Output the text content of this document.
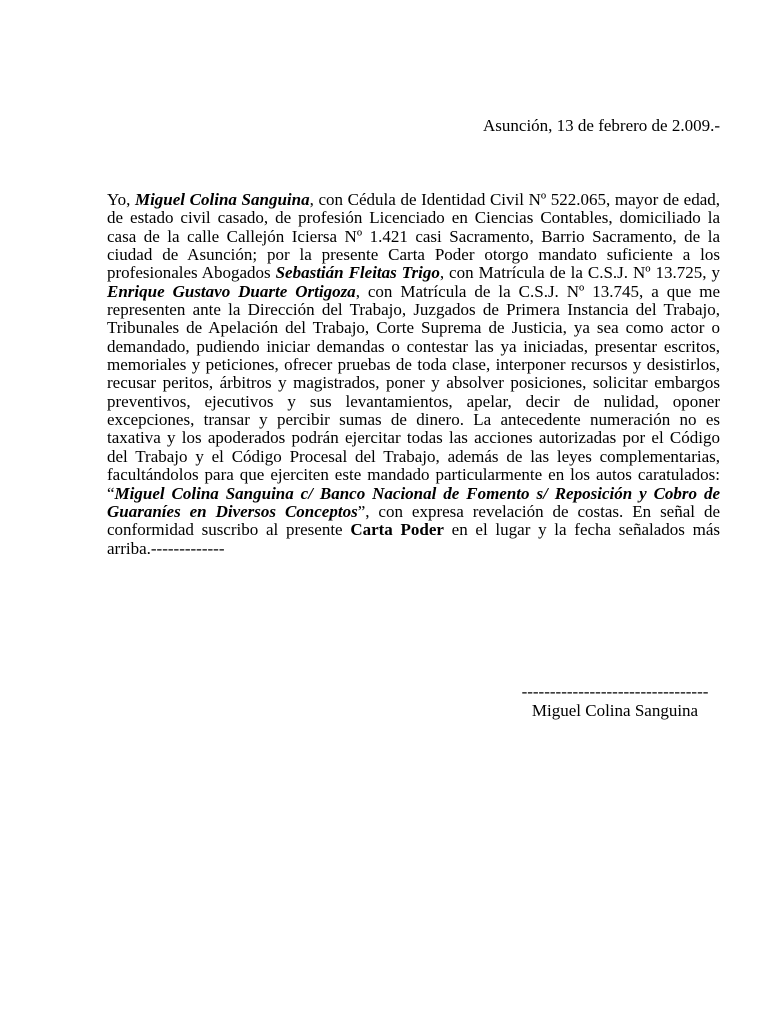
Asunción, 13 de febrero de 2.009.-

Yo, Miguel Colina Sanguina, con Cédula de Identidad Civil Nº 522.065, mayor de edad, de estado civil casado, de profesión Licenciado en Ciencias Contables, domiciliado la casa de la calle Callejón Iciersa Nº 1.421 casi Sacramento, Barrio Sacramento, de la ciudad de Asunción; por la presente Carta Poder otorgo mandato suficiente a los profesionales Abogados Sebastián Fleitas Trigo, con Matrícula de la C.S.J. Nº 13.725, y Enrique Gustavo Duarte Ortigoza, con Matrícula de la C.S.J. Nº 13.745, a que me representen ante la Dirección del Trabajo, Juzgados de Primera Instancia del Trabajo, Tribunales de Apelación del Trabajo, Corte Suprema de Justicia, ya sea como actor o demandado, pudiendo iniciar demandas o contestar las ya iniciadas, presentar escritos, memoriales y peticiones, ofrecer pruebas de toda clase, interponer recursos y desistirlos, recusar peritos, árbitros y magistrados, poner y absolver posiciones, solicitar embargos preventivos, ejecutivos y sus levantamientos, apelar, decir de nulidad, oponer excepciones, transar y percibir sumas de dinero. La antecedente numeración no es taxativa y los apoderados podrán ejercitar todas las acciones autorizadas por el Código del Trabajo y el Código Procesal del Trabajo, además de las leyes complementarias, facultándolos para que ejerciten este mandado particularmente en los autos caratulados: “Miguel Colina Sanguina c/ Banco Nacional de Fomento s/ Reposición y Cobro de Guaraníes en Diversos Conceptos”, con expresa revelación de costas. En señal de conformidad suscribo al presente Carta Poder en el lugar y la fecha señalados más arriba.-------------

---------------------------------
Miguel Colina Sanguina
